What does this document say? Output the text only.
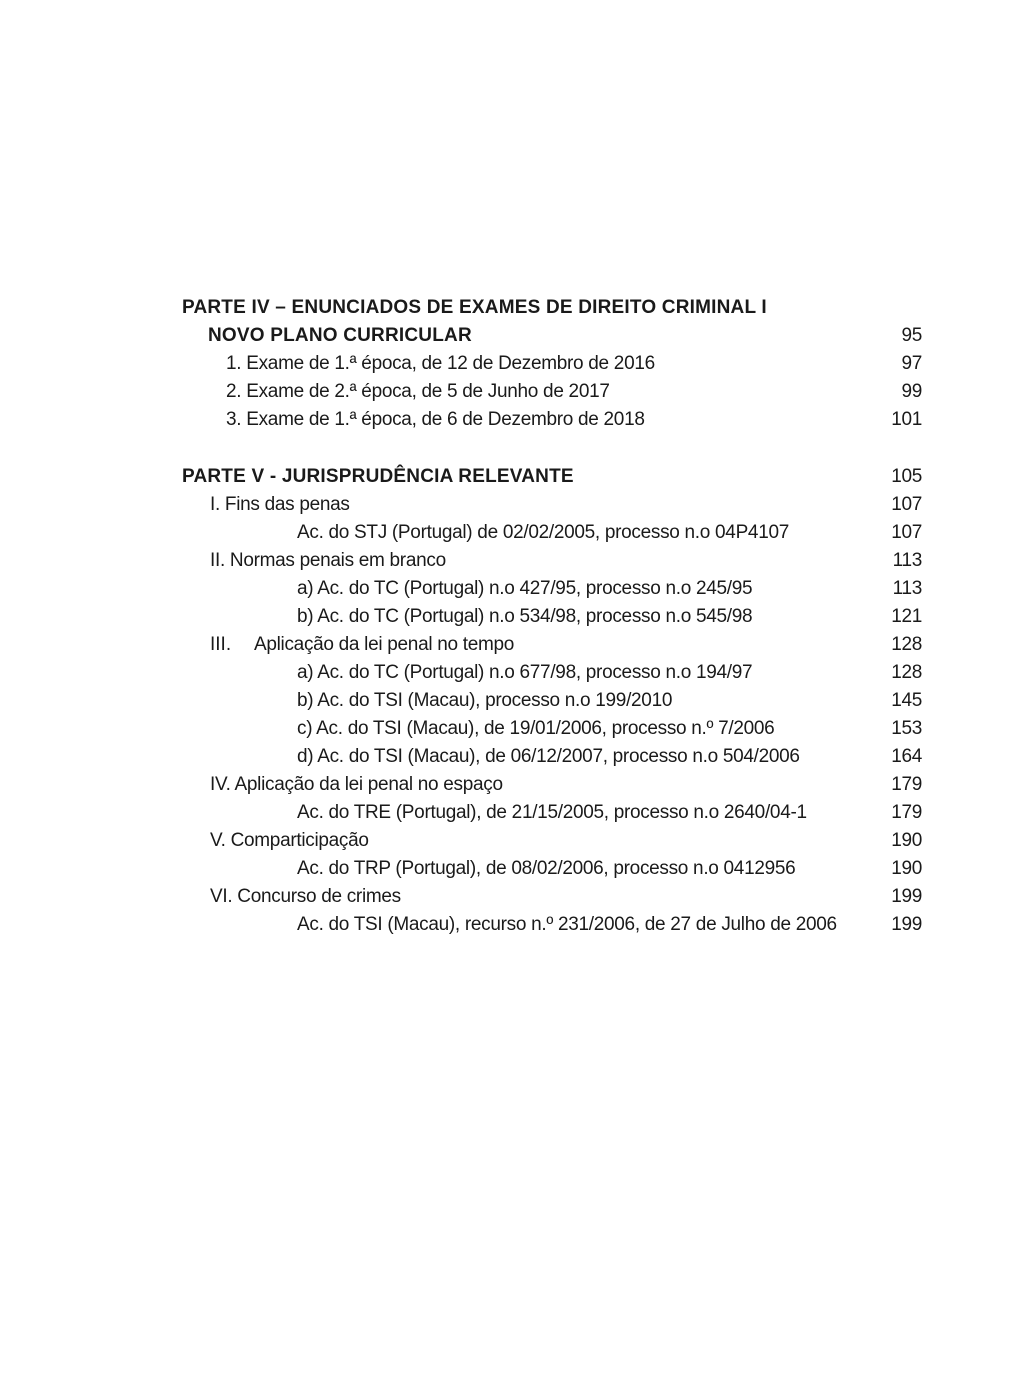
PARTE IV – ENUNCIADOS DE EXAMES DE DIREITO CRIMINAL I
NOVO PLANO CURRICULAR	95
1. Exame de 1.ª época, de 12 de Dezembro de 2016	97
2. Exame de 2.ª época, de 5 de Junho de 2017	99
3. Exame de 1.ª época, de 6 de Dezembro de 2018	101
PARTE V - JURISPRUDÊNCIA RELEVANTE	105
I. Fins das penas	107
Ac. do STJ (Portugal) de 02/02/2005, processo n.o 04P4107	107
II. Normas penais em branco	113
a) Ac. do TC (Portugal) n.o 427/95, processo n.o 245/95	113
b) Ac. do TC (Portugal) n.o 534/98, processo n.o 545/98	121
III. Aplicação da lei penal no tempo	128
a) Ac. do TC (Portugal) n.o 677/98, processo n.o 194/97	128
b) Ac. do TSI (Macau), processo n.o 199/2010	145
c) Ac. do TSI (Macau), de 19/01/2006, processo n.º 7/2006	153
d) Ac. do TSI (Macau), de 06/12/2007, processo n.o 504/2006	164
IV. Aplicação da lei penal no espaço	179
Ac. do TRE (Portugal), de 21/15/2005, processo n.o 2640/04-1	179
V. Comparticipação	190
Ac. do TRP (Portugal), de 08/02/2006, processo n.o 0412956	190
VI. Concurso de crimes	199
Ac. do TSI (Macau), recurso n.º 231/2006, de 27 de Julho de 2006	199
